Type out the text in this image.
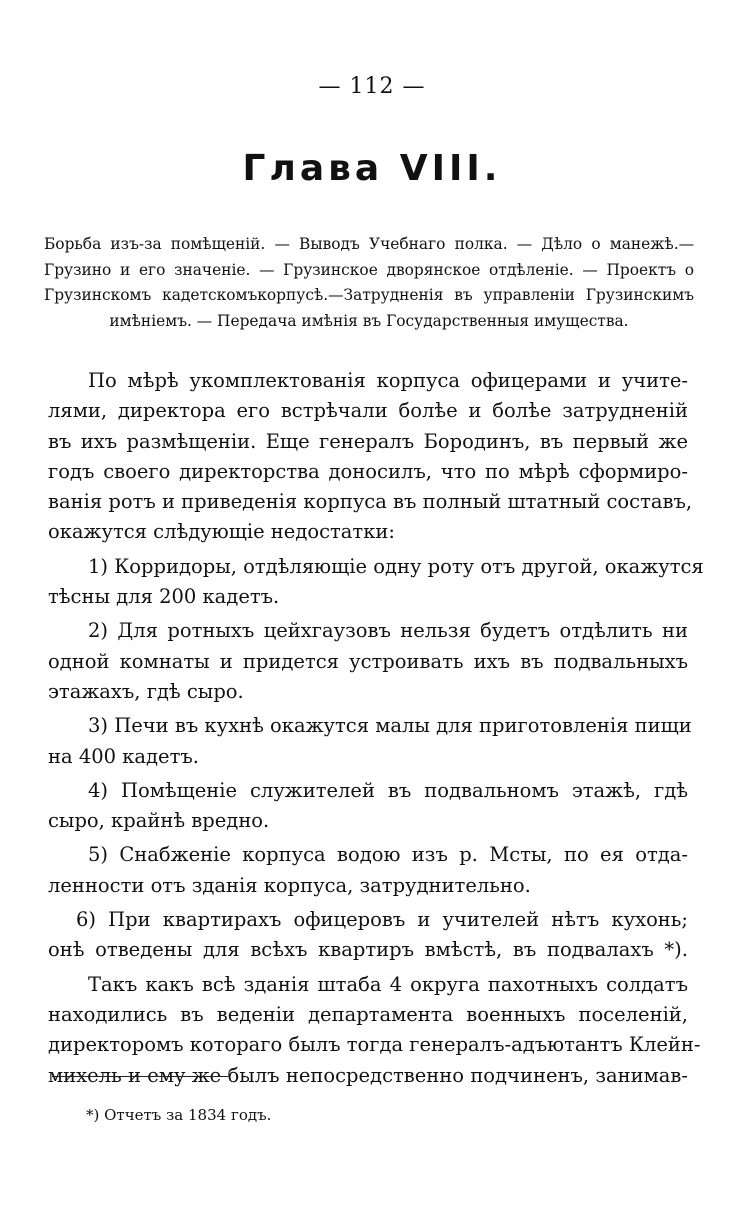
— 112 —
Глава VIII.
Борьба изъ-за помѣщеній. — Выводъ Учебнаго полка. — Дѣло о манежѣ.—
Грузино и его значеніе. — Грузинское дворянское отдѣленіе. — Проектъ о
Грузинскомъ кадетскомъкорпусѣ.—Затрудненія въ управленіи Грузинскимъ
имѣніемъ. — Передача имѣнія въ Государственныя имущества.
По мѣрѣ укомплектованія корпуса офицерами и учите-
лями, директора его встрѣчали болѣе и болѣе затрудненій
въ ихъ размѣщеніи. Еще генералъ Бородинъ, въ первый же
годъ своего директорства доносилъ, что по мѣрѣ сформиро-
ванія ротъ и приведенія корпуса въ полный штатный составъ,
окажутся слѣдующіе недостатки:
1) Корридоры, отдѣляющіе одну роту отъ другой, окажутся
тѣсны для 200 кадетъ.
2) Для ротныхъ цейхгаузовъ нельзя будетъ отдѣлить ни
одной комнаты и придется устроивать ихъ въ подвальныхъ
этажахъ, гдѣ сыро.
3) Печи въ кухнѣ окажутся малы для приготовленія пищи
на 400 кадетъ.
4) Помѣщеніе служителей въ подвальномъ этажѣ, гдѣ
сыро, крайнѣ вредно.
5) Снабженіе корпуса водою изъ р. Мсты, по ея отда-
ленности отъ зданія корпуса, затруднительно.
6) При квартирахъ офицеровъ и учителей нѣтъ кухонь;
онѣ отведены для всѣхъ квартиръ вмѣстѣ, въ подвалахъ *).
Такъ какъ всѣ зданія штаба 4 округа пахотныхъ солдатъ
находились въ веденіи департамента военныхъ поселеній,
директоромъ котораго былъ тогда генералъ-адъютантъ Клейн-
михель и ему же былъ непосредственно подчиненъ, занимав-
*) Отчетъ за 1834 годъ.
